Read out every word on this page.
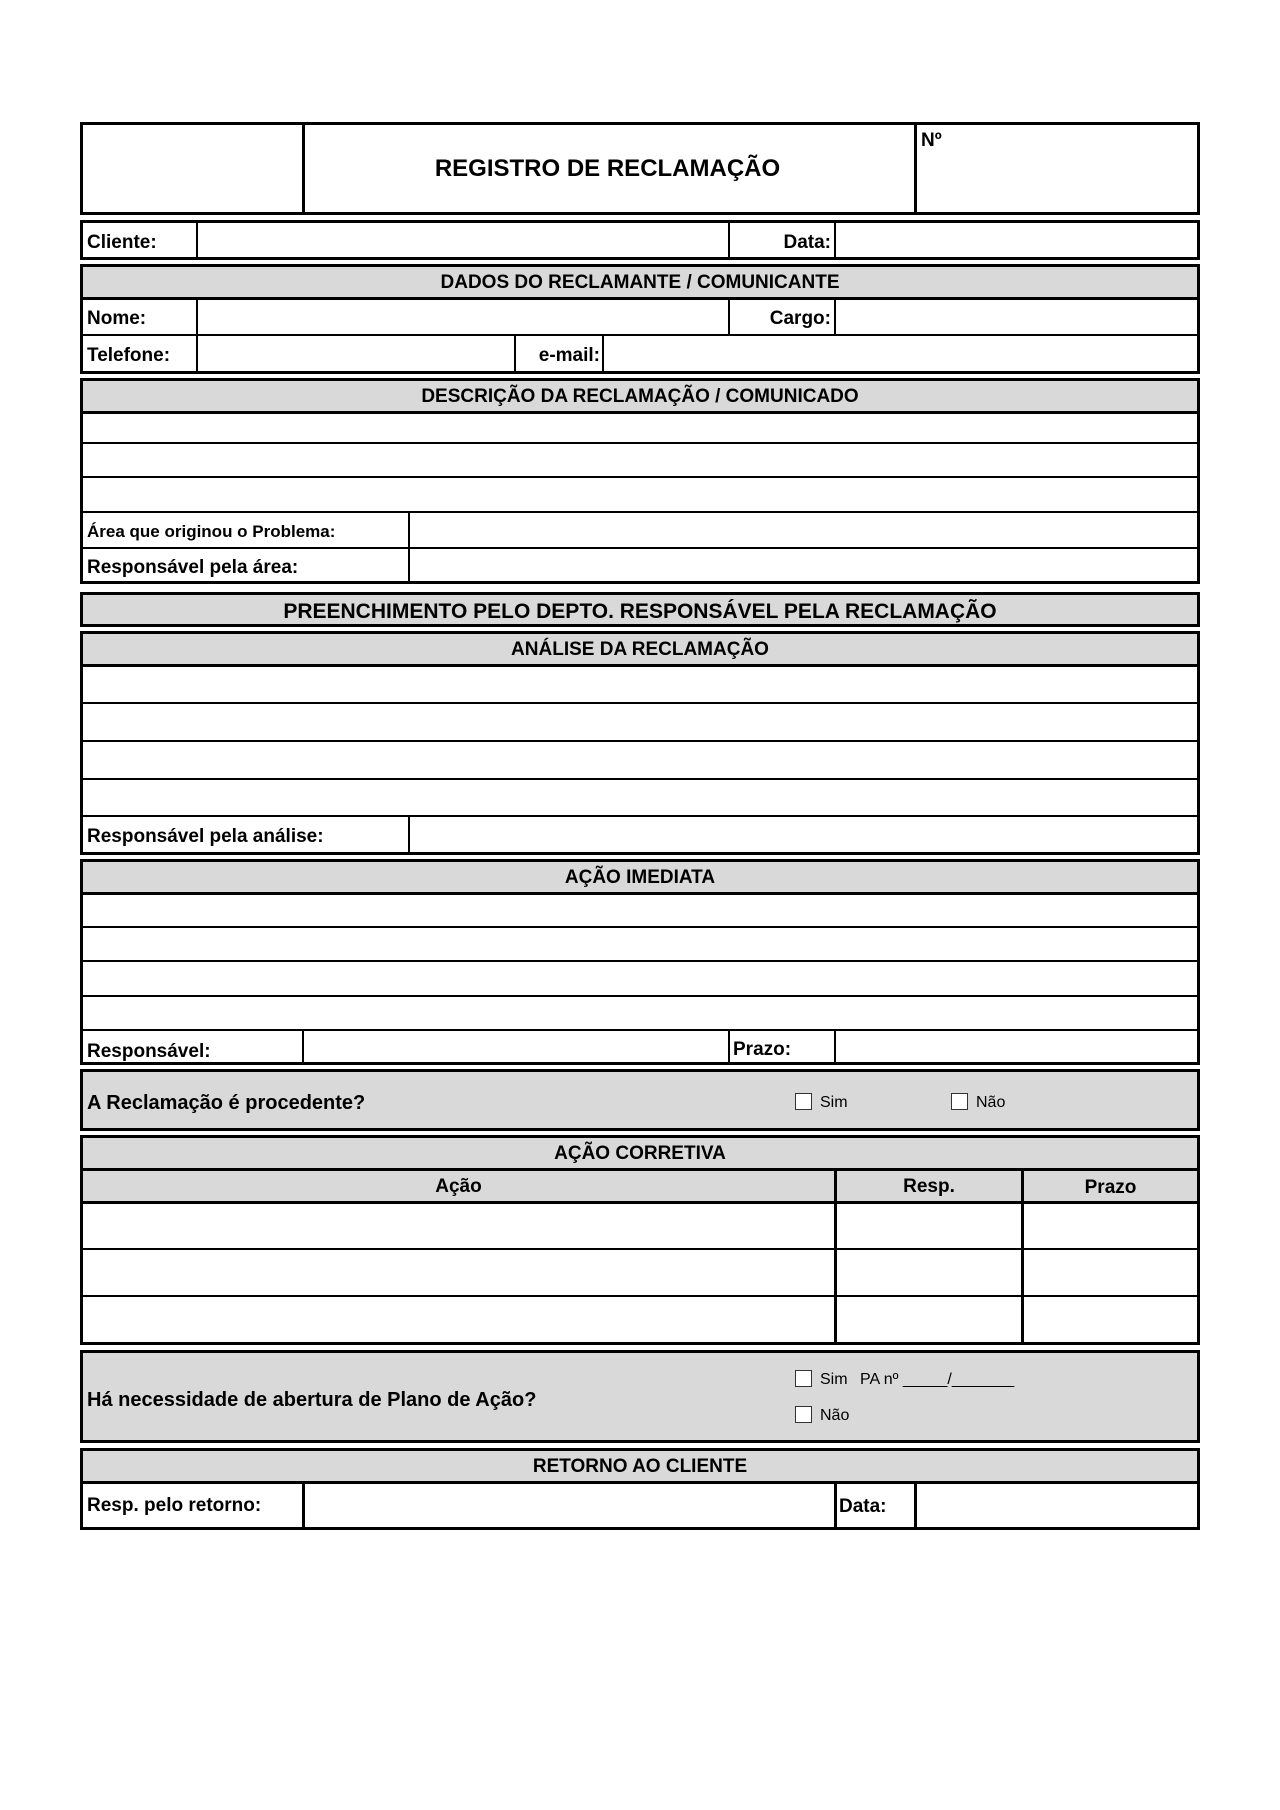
REGISTRO DE RECLAMAÇÃO
Nº
Cliente:	Data:
DADOS DO RECLAMANTE / COMUNICANTE
Nome:	Cargo:
Telefone:	e-mail:
DESCRIÇÃO DA RECLAMAÇÃO / COMUNICADO
Área que originou o Problema:
Responsável pela área:
PREENCHIMENTO PELO DEPTO. RESPONSÁVEL PELA RECLAMAÇÃO
ANÁLISE DA RECLAMAÇÃO
Responsável pela análise:
AÇÃO IMEDIATA
Responsável:	Prazo:
A Reclamação é procedente?	Sim	Não
AÇÃO CORRETIVA
Ação	Resp.	Prazo
Há necessidade de abertura de Plano de Ação?
Sim PA nº _____/_______
Não
RETORNO AO CLIENTE
Resp. pelo retorno:	Data:
